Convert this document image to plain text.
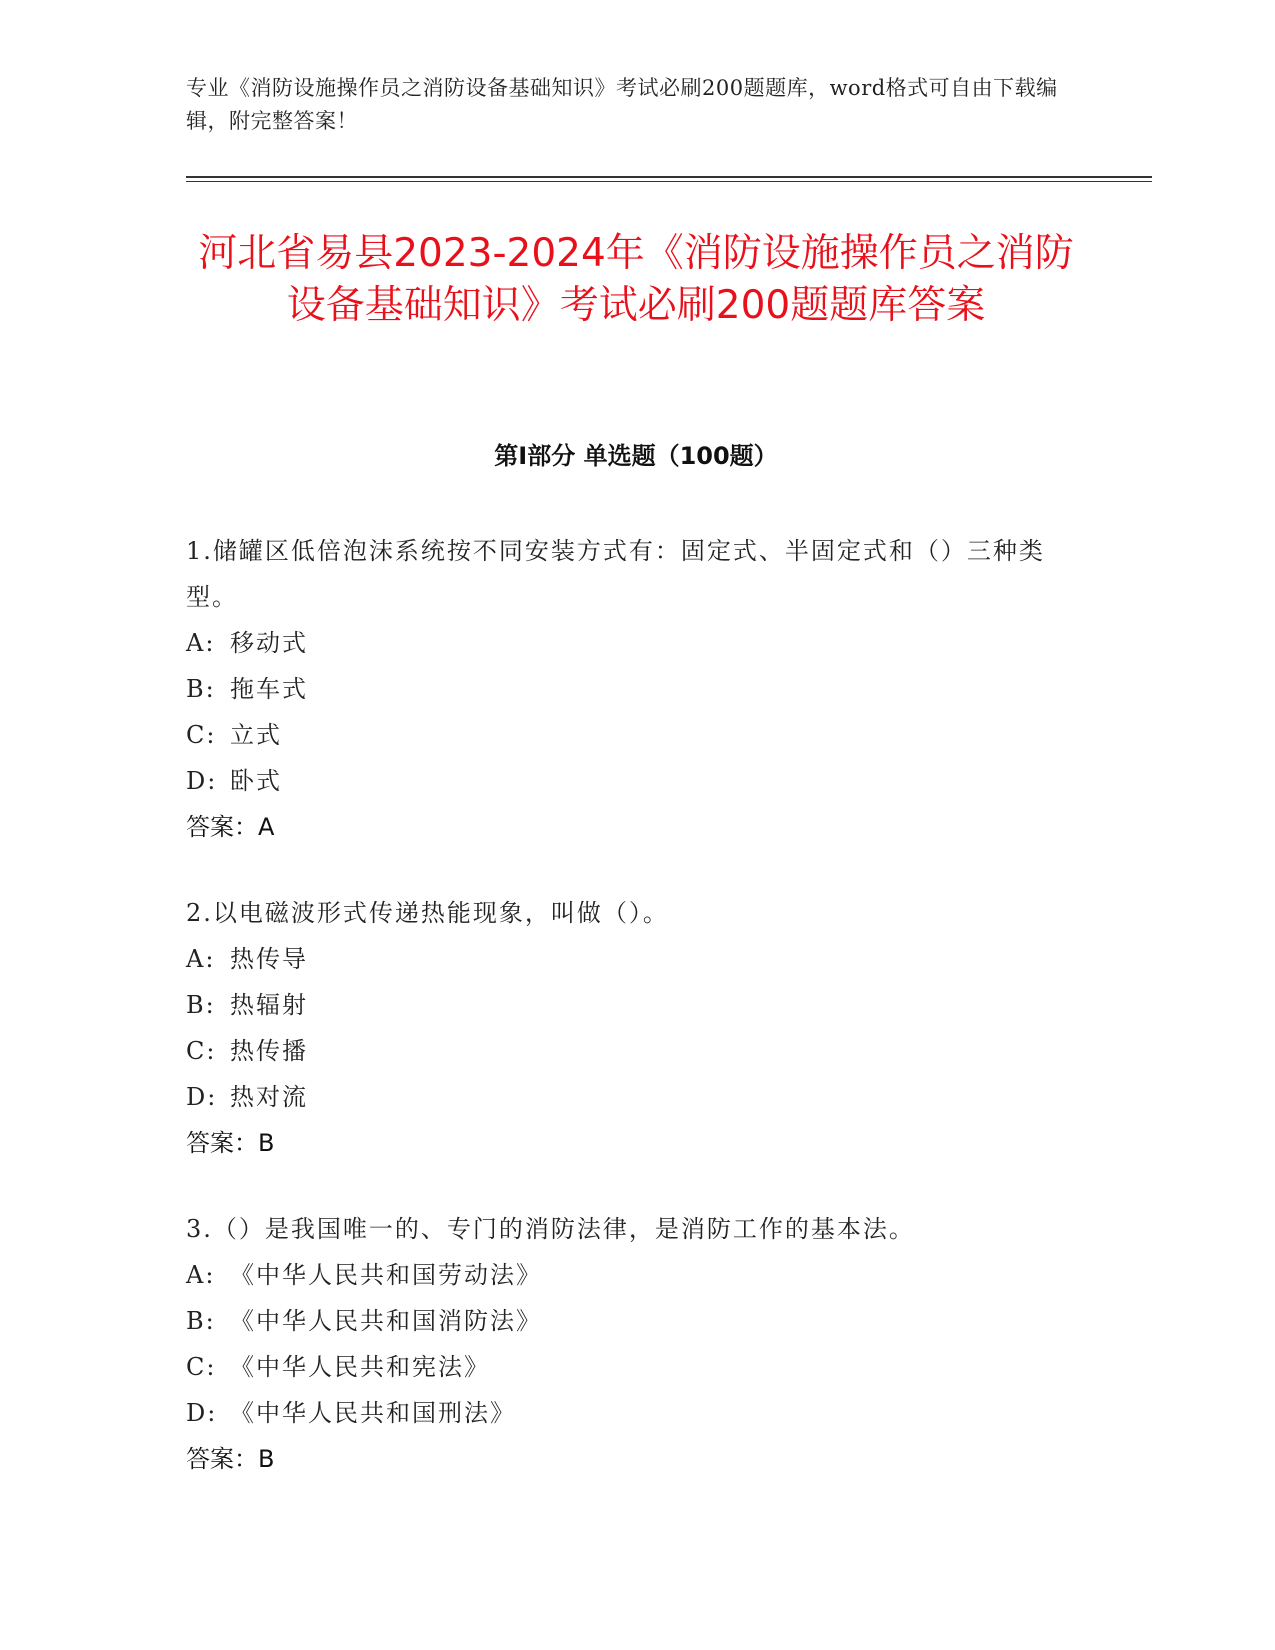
专业《消防设施操作员之消防设备基础知识》考试必刷200题题库，word格式可自由下载编辑，附完整答案！
河北省易县2023-2024年《消防设施操作员之消防设备基础知识》考试必刷200题题库答案
第I部分 单选题（100题）
1.储罐区低倍泡沫系统按不同安装方式有：固定式、半固定式和（）三种类型。
A: 移动式
B: 拖车式
C: 立式
D: 卧式
答案：A
2.以电磁波形式传递热能现象，叫做（）。
A: 热传导
B: 热辐射
C: 热传播
D: 热对流
答案：B
3.（）是我国唯一的、专门的消防法律，是消防工作的基本法。
A: 《中华人民共和国劳动法》
B: 《中华人民共和国消防法》
C: 《中华人民共和宪法》
D: 《中华人民共和国刑法》
答案：B
